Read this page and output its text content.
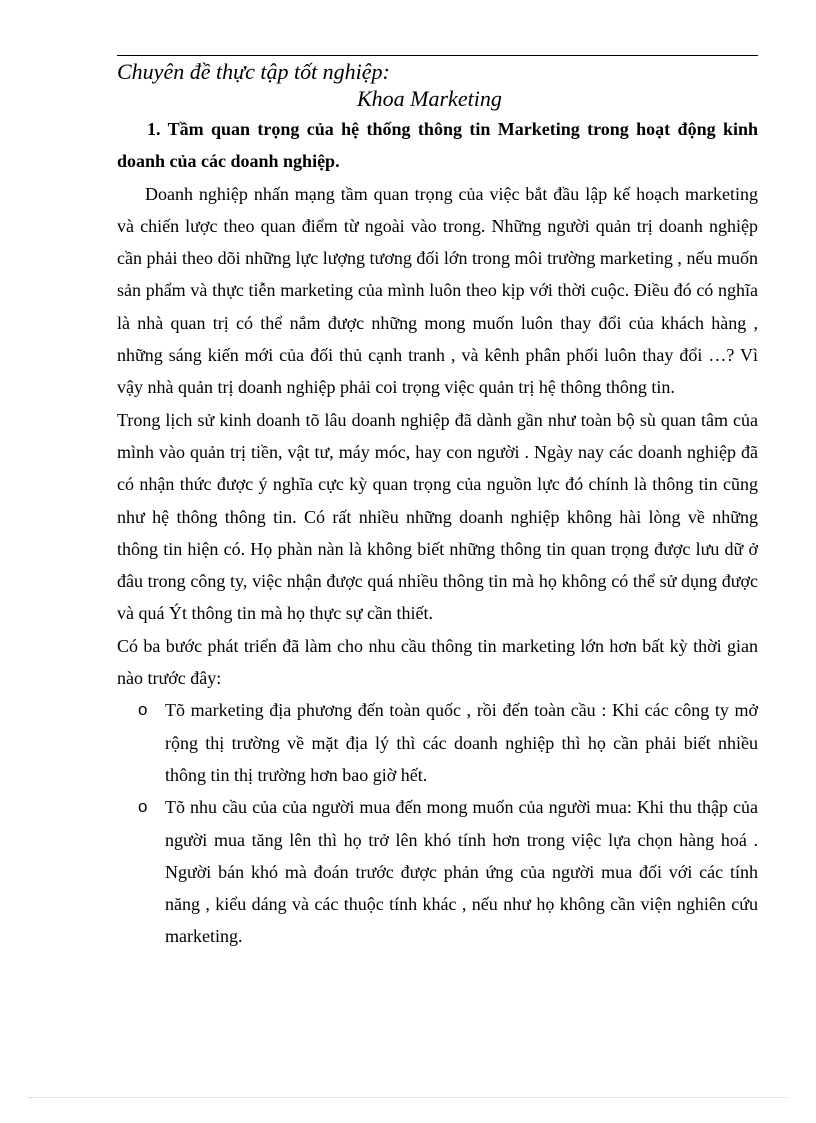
Chuyên đề thực tập tốt nghiệp:
Khoa Marketing

1. Tầm quan trọng của hệ thống thông tin Marketing trong hoạt động kinh doanh của các doanh nghiệp.

Doanh nghiệp nhấn mạng tầm quan trọng của việc bắt đầu lập kế hoạch marketing và chiến lược theo quan điểm từ ngoài vào trong. Những người quản trị doanh nghiệp cần phải theo dõi những lực lượng tương đối lớn trong môi trường marketing , nếu muốn sản phẩm và thực tiễn marketing của mình luôn theo kịp với thời cuộc. Điều đó có nghĩa là nhà quan trị có thể nắm được những mong muốn luôn thay đổi của khách hàng , những sáng kiến mới của đối thủ cạnh tranh , và kênh phân phối luôn thay đổi …? Vì vậy nhà quản trị doanh nghiệp phải coi trọng việc quản trị hệ thông thông tin.

Trong lịch sử kinh doanh tõ lâu doanh nghiệp đã dành gần như toàn bộ sù quan tâm của mình vào quản trị tiền, vật tư, máy móc, hay con người . Ngày nay các doanh nghiệp đã có nhận thức được ý nghĩa cực kỳ quan trọng của nguồn lực đó chính là thông tin cũng như hệ thông thông tin. Có rất nhiều những doanh nghiệp không hài lòng về những thông tin hiện có. Họ phàn nàn là không biết những thông tin quan trọng được lưu dữ ở đâu trong công ty, việc nhận được quá nhiều thông tin mà họ không có thể sử dụng được và quá Ýt thông tin mà họ thực sự cần thiết.

Có ba bước phát triển đã làm cho nhu cầu thông tin marketing lớn hơn bất kỳ thời gian nào trước đây:

o Tõ marketing địa phương đến toàn quốc , rồi đến toàn cầu : Khi các công ty mở rộng thị trường về mặt địa lý thì các doanh nghiệp thì họ cần phải biết nhiều thông tin thị trường hơn bao giờ hết.
o Tõ nhu cầu của của người mua đến mong muốn của người mua: Khi thu thập của người mua tăng lên thì họ trở lên khó tính hơn trong việc lựa chọn hàng hoá . Người bán khó mà đoán trước được phản ứng của người mua đối với các tính năng , kiểu dáng và các thuộc tính khác , nếu như họ không cần viện nghiên cứu marketing.
